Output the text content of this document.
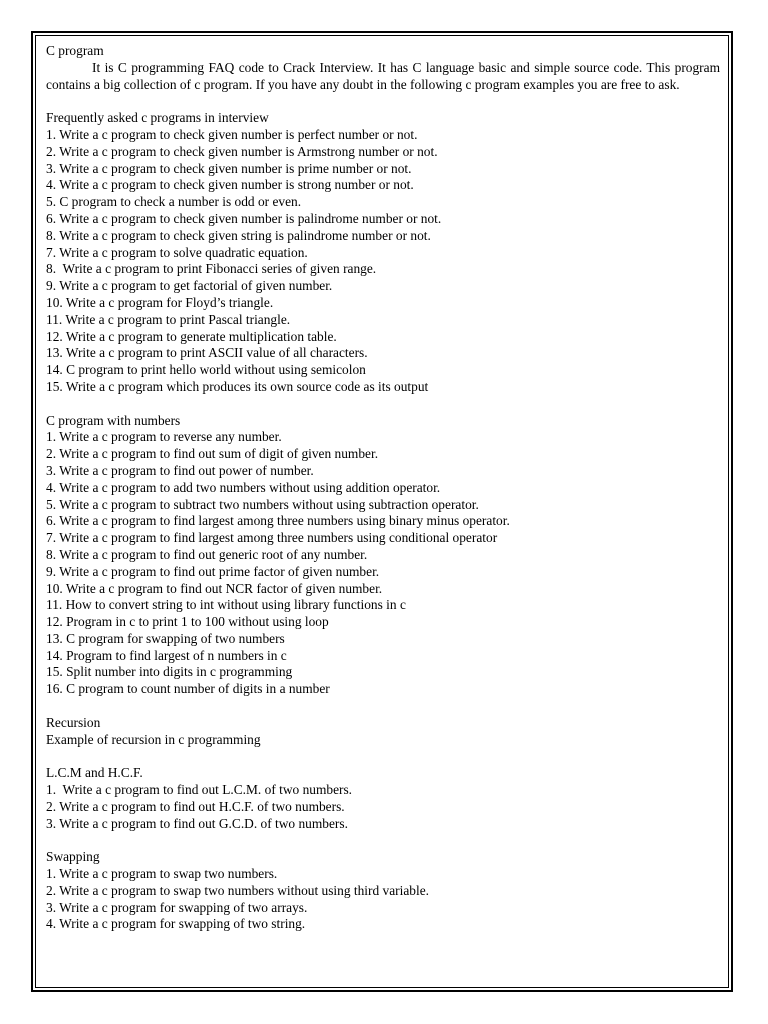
C program
It is C programming FAQ code to Crack Interview. It has C language basic and simple source code. This program contains a big collection of c program. If you have any doubt in the following c program examples you are free to ask.
Frequently asked c programs in interview
1. Write a c program to check given number is perfect number or not.
2. Write a c program to check given number is Armstrong number or not.
3. Write a c program to check given number is prime number or not.
4. Write a c program to check given number is strong number or not.
5. C program to check a number is odd or even.
6. Write a c program to check given number is palindrome number or not.
8. Write a c program to check given string is palindrome number or not.
7. Write a c program to solve quadratic equation.
8.  Write a c program to print Fibonacci series of given range.
9. Write a c program to get factorial of given number.
10. Write a c program for Floyd’s triangle.
11. Write a c program to print Pascal triangle.
12. Write a c program to generate multiplication table.
13. Write a c program to print ASCII value of all characters.
14. C program to print hello world without using semicolon
15. Write a c program which produces its own source code as its output
C program with numbers
1. Write a c program to reverse any number.
2. Write a c program to find out sum of digit of given number.
3. Write a c program to find out power of number.
4. Write a c program to add two numbers without using addition operator.
5. Write a c program to subtract two numbers without using subtraction operator.
6. Write a c program to find largest among three numbers using binary minus operator.
7. Write a c program to find largest among three numbers using conditional operator
8. Write a c program to find out generic root of any number.
9. Write a c program to find out prime factor of given number.
10. Write a c program to find out NCR factor of given number.
11. How to convert string to int without using library functions in c
12. Program in c to print 1 to 100 without using loop
13. C program for swapping of two numbers
14. Program to find largest of n numbers in c
15. Split number into digits in c programming
16. C program to count number of digits in a number
Recursion
Example of recursion in c programming
L.C.M and H.C.F.
1.  Write a c program to find out L.C.M. of two numbers.
2. Write a c program to find out H.C.F. of two numbers.
3. Write a c program to find out G.C.D. of two numbers.
Swapping
1. Write a c program to swap two numbers.
2. Write a c program to swap two numbers without using third variable.
3. Write a c program for swapping of two arrays.
4. Write a c program for swapping of two string.
